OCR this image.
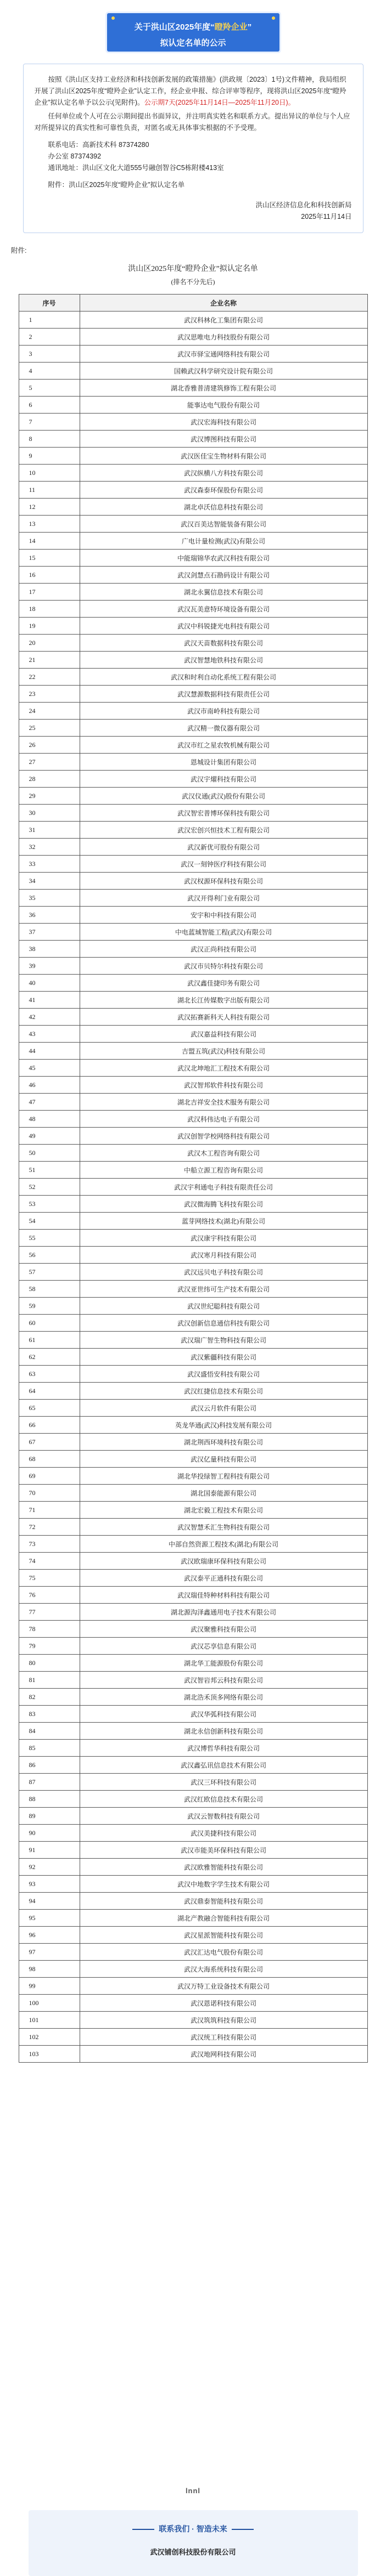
关于洪山区2025年度“瞪羚企业”
拟认定名单的公示

按照《洪山区支持工业经济和科技创新发展的政策措施》(洪政规〔2023〕1号)文件精神，我局组织开展了洪山区2025年度“瞪羚企业”认定工作，经企业申报、综合评审等程序，现将洪山区2025年度“瞪羚企业”拟认定名单予以公示(见附件)。公示期7天(2025年11月14日—2025年11月20日)。

任何单位或个人可在公示期间提出书面异议，并注明真实姓名和联系方式。提出异议的单位与个人应对所提异议的真实性和可靠性负责，对匿名或无具体事实根据的不予受理。

联系电话：高新技术科 87374280
办公室 87374392
通讯地址：洪山区文化大道555号融创智谷C5栋附楼413室

附件：洪山区2025年度“瞪羚企业”拟认定名单

洪山区经济信息化和科技创新局
2025年11月14日
附件:
洪山区2025年度“瞪羚企业”拟认定名单
(排名不分先后)
序号	企业名称
1	武汉科林化工集团有限公司
2	武汉思唯电力科技股份有限公司
3	武汉市驿宝通网络科技有限公司
4	国赖武汉科学研究设计院有限公司
5	湖北香雅普清建筑修饰工程有限公司
6	能事达电气股份有限公司
7	武汉宏海科技有限公司
8	武汉博图科技有限公司
9	武汉医佳宝生物材料有限公司
10	武汉纵横八方科技有限公司
11	武汉森泰环保股份有限公司
12	湖北卓沃信息科技有限公司
13	武汉百美达智能装备有限公司
14	广电计量检测(武汉)有限公司
15	中能瑞锦华农武汉科技有限公司
16	武汉剑慧点石勘码设计有限公司
17	湖北永翼信息技术有限公司
18	武汉瓦美意特环境设备有限公司
19	武汉中科锐捷光电科技有限公司
20	武汉天苗数据科技有限公司
21	武汉智慧地铁科技有限公司
22	武汉和时利自动化系统工程有限公司
23	武汉慧源数据科技有限责任公司
24	武汉市南岭科技有限公司
25	武汉精一微仪器有限公司
26	武汉市红之星农牧机械有限公司
27	恩城设计集团有限公司
28	武汉宇燿科技有限公司
29	武汉仪通(武汉)股份有限公司
30	武汉智宏普博环保科技有限公司
31	武汉宏创兴恒技术工程有限公司
32	武汉新优可股份有限公司
33	武汉一刻钟医疗科技有限公司
34	武汉权源环保科技有限公司
35	武汉开得利门业有限公司
36	安宇和中科技有限公司
37	中电蓝珹智能工程(武汉)有限公司
38	武汉正尚科技有限公司
39	武汉市贝特尔科技有限公司
40	武汉鑫佳捷印务有限公司
41	湖北长江传媒数字出版有限公司
42	武汉拓赛新科天人科技有限公司
43	武汉嘉益科技有限公司
44	吉盟五筑(武汉)科技有限公司
45	武汉北坤地汇工程技术有限公司
46	武汉智邦软件科技有限公司
47	湖北吉祥安全技术服务有限公司
48	武汉科伟达电子有限公司
49	武汉创智学校网络科技有限公司
50	武汉木工程咨询有限公司
51	中船立源工程咨询有限公司
52	武汉宇利通电子科技有限责任公司
53	武汉微海腾飞科技有限公司
54	蓝芽网络技术(湖北)有限公司
55	武汉康宇科技有限公司
56	武汉寒月科技有限公司
57	武汉远贝电子科技有限公司
58	武汉亚世纬可生产技术有限公司
59	武汉世纪聪科技有限公司
60	武汉创新信息通信科技有限公司
61	武汉瑞广智生物科技有限公司
62	武汉紫疆科技有限公司
63	武汉盛悟安科技有限公司
64	武汉红捷信息技术有限公司
65	武汉云月软件有限公司
66	英龙华通(武汉)科技发展有限公司
67	湖北荆西环境科技有限公司
68	武汉亿量科技有限公司
69	湖北华投绿智工程科技有限公司
70	湖北国泰能源有限公司
71	湖北宏毅工程技术有限公司
72	武汉智慧禾汇生物科技有限公司
73	中部自然资源工程技术(湖北)有限公司
74	武汉欧瑞康环保科技有限公司
75	武汉泰平正通科技有限公司
76	武汉瑞佳特种材料科技有限公司
77	湖北源沟泽鑫通用电子技术有限公司
78	武汉聚雅科技有限公司
79	武汉芯享信息有限公司
80	湖北华工能源股份有限公司
81	武汉智岩邦云科技有限公司
82	湖北浩禾顶多网络有限公司
83	武汉华弧科技有限公司
84	湖北永信创新科技有限公司
85	武汉博哲华科技有限公司
86	武汉鑫弘讯信息技术有限公司
87	武汉三环科技有限公司
88	武汉红欧信息技术有限公司
89	武汉云智数科技有限公司
90	武汉美捷科技有限公司
91	武汉市能美环保科技有限公司
92	武汉欧雅智能科技有限公司
93	武汉中地数字学生技术有限公司
94	武汉鼎泰智能科技有限公司
95	湖北产教融合智能科技有限公司
96	武汉星派智能科技有限公司
97	武汉汇达电气股份有限公司
98	武汉大海系统科技有限公司
99	武汉万特工业设备技术有限公司
100	武汉恩诺科技有限公司
101	武汉筑筑科技有限公司
102	武汉统工科技有限公司
103	武汉地网科技有限公司
lnnl
联系我们 · 智造未来
武汉铺创科技股份有限公司
